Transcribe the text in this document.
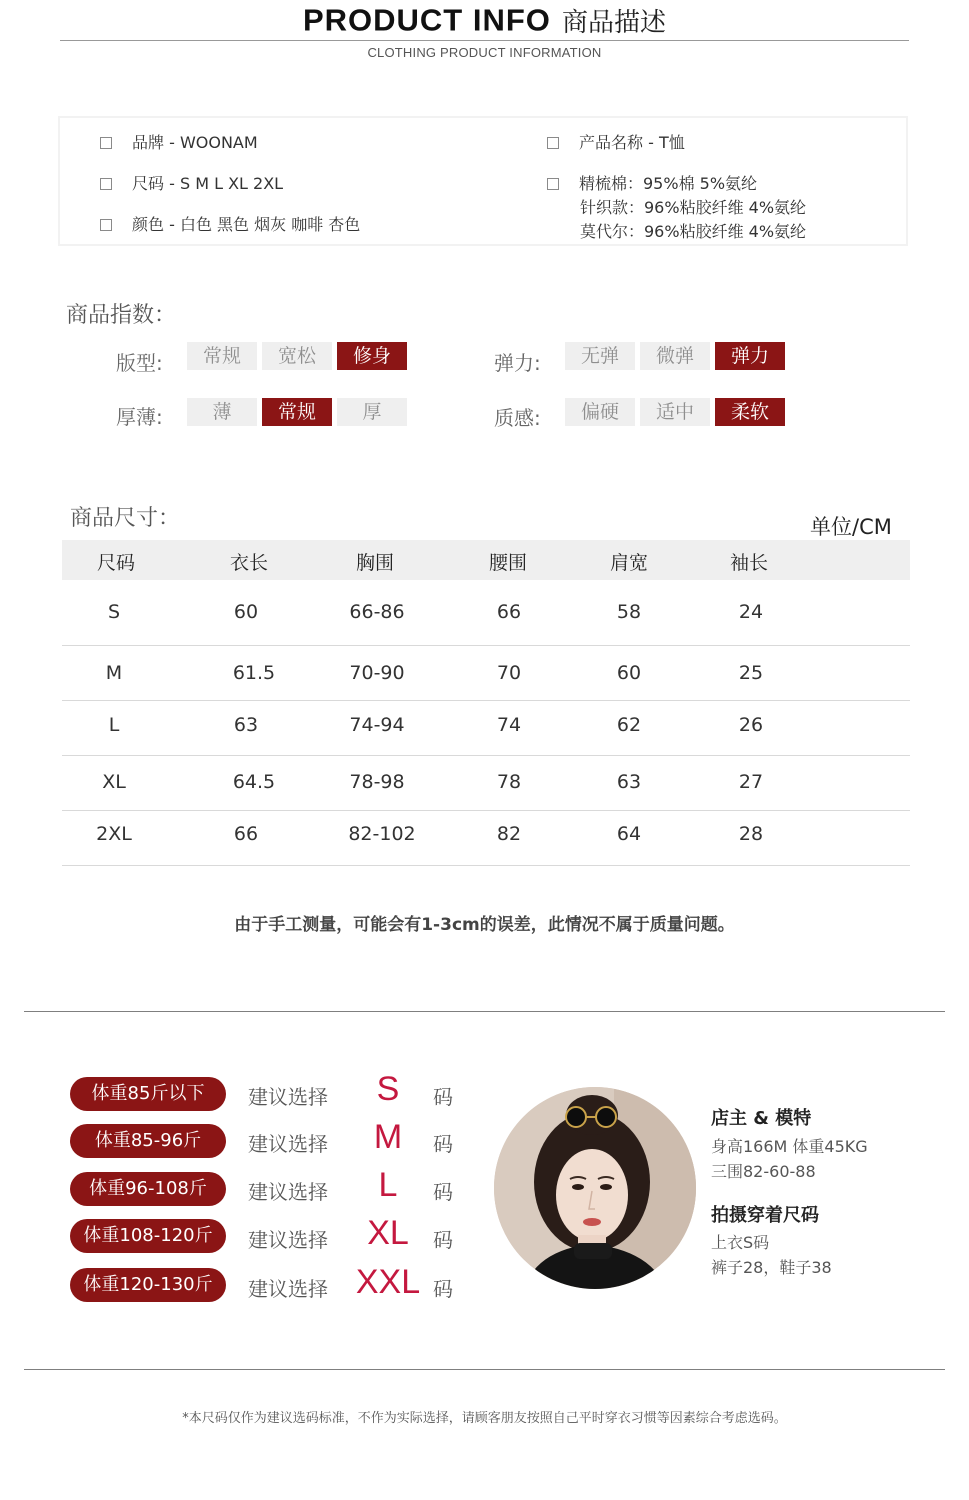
PRODUCT INFO 商品描述
CLOTHING PRODUCT INFORMATION
品牌 - WOONAM
尺码 - S M L XL 2XL
颜色 - 白色 黑色 烟灰 咖啡 杏色
产品名称 - T恤
精梳棉：95%棉 5%氨纶
针织款：96%粘胶纤维 4%氨纶
莫代尔：96%粘胶纤维 4%氨纶
商品指数：
版型:	常规	宽松	修身	弹力:	无弹	微弹	弹力
厚薄:	薄	常规	厚	质感:	偏硬	适中	柔软
商品尺寸：	单位/CM
尺码	衣长	胸围	腰围	肩宽	袖长
S	60	66-86	66	58	24
M	61.5	70-90	70	60	25
L	63	74-94	74	62	26
XL	64.5	78-98	78	63	27
2XL	66	82-102	82	64	28
由于手工测量，可能会有1-3cm的误差，此情况不属于质量问题。
体重85斤以下	建议选择	S	码
体重85-96斤	建议选择	M	码
体重96-108斤	建议选择	L	码
体重108-120斤	建议选择	XL	码
体重120-130斤	建议选择 XXL 码
店主 & 模特
身高166M 体重45KG
三围82-60-88
拍摄穿着尺码
上衣S码
裤子28，鞋子38
*本尺码仅作为建议选码标准，不作为实际选择，请顾客朋友按照自己平时穿衣习惯等因素综合考虑选码。
